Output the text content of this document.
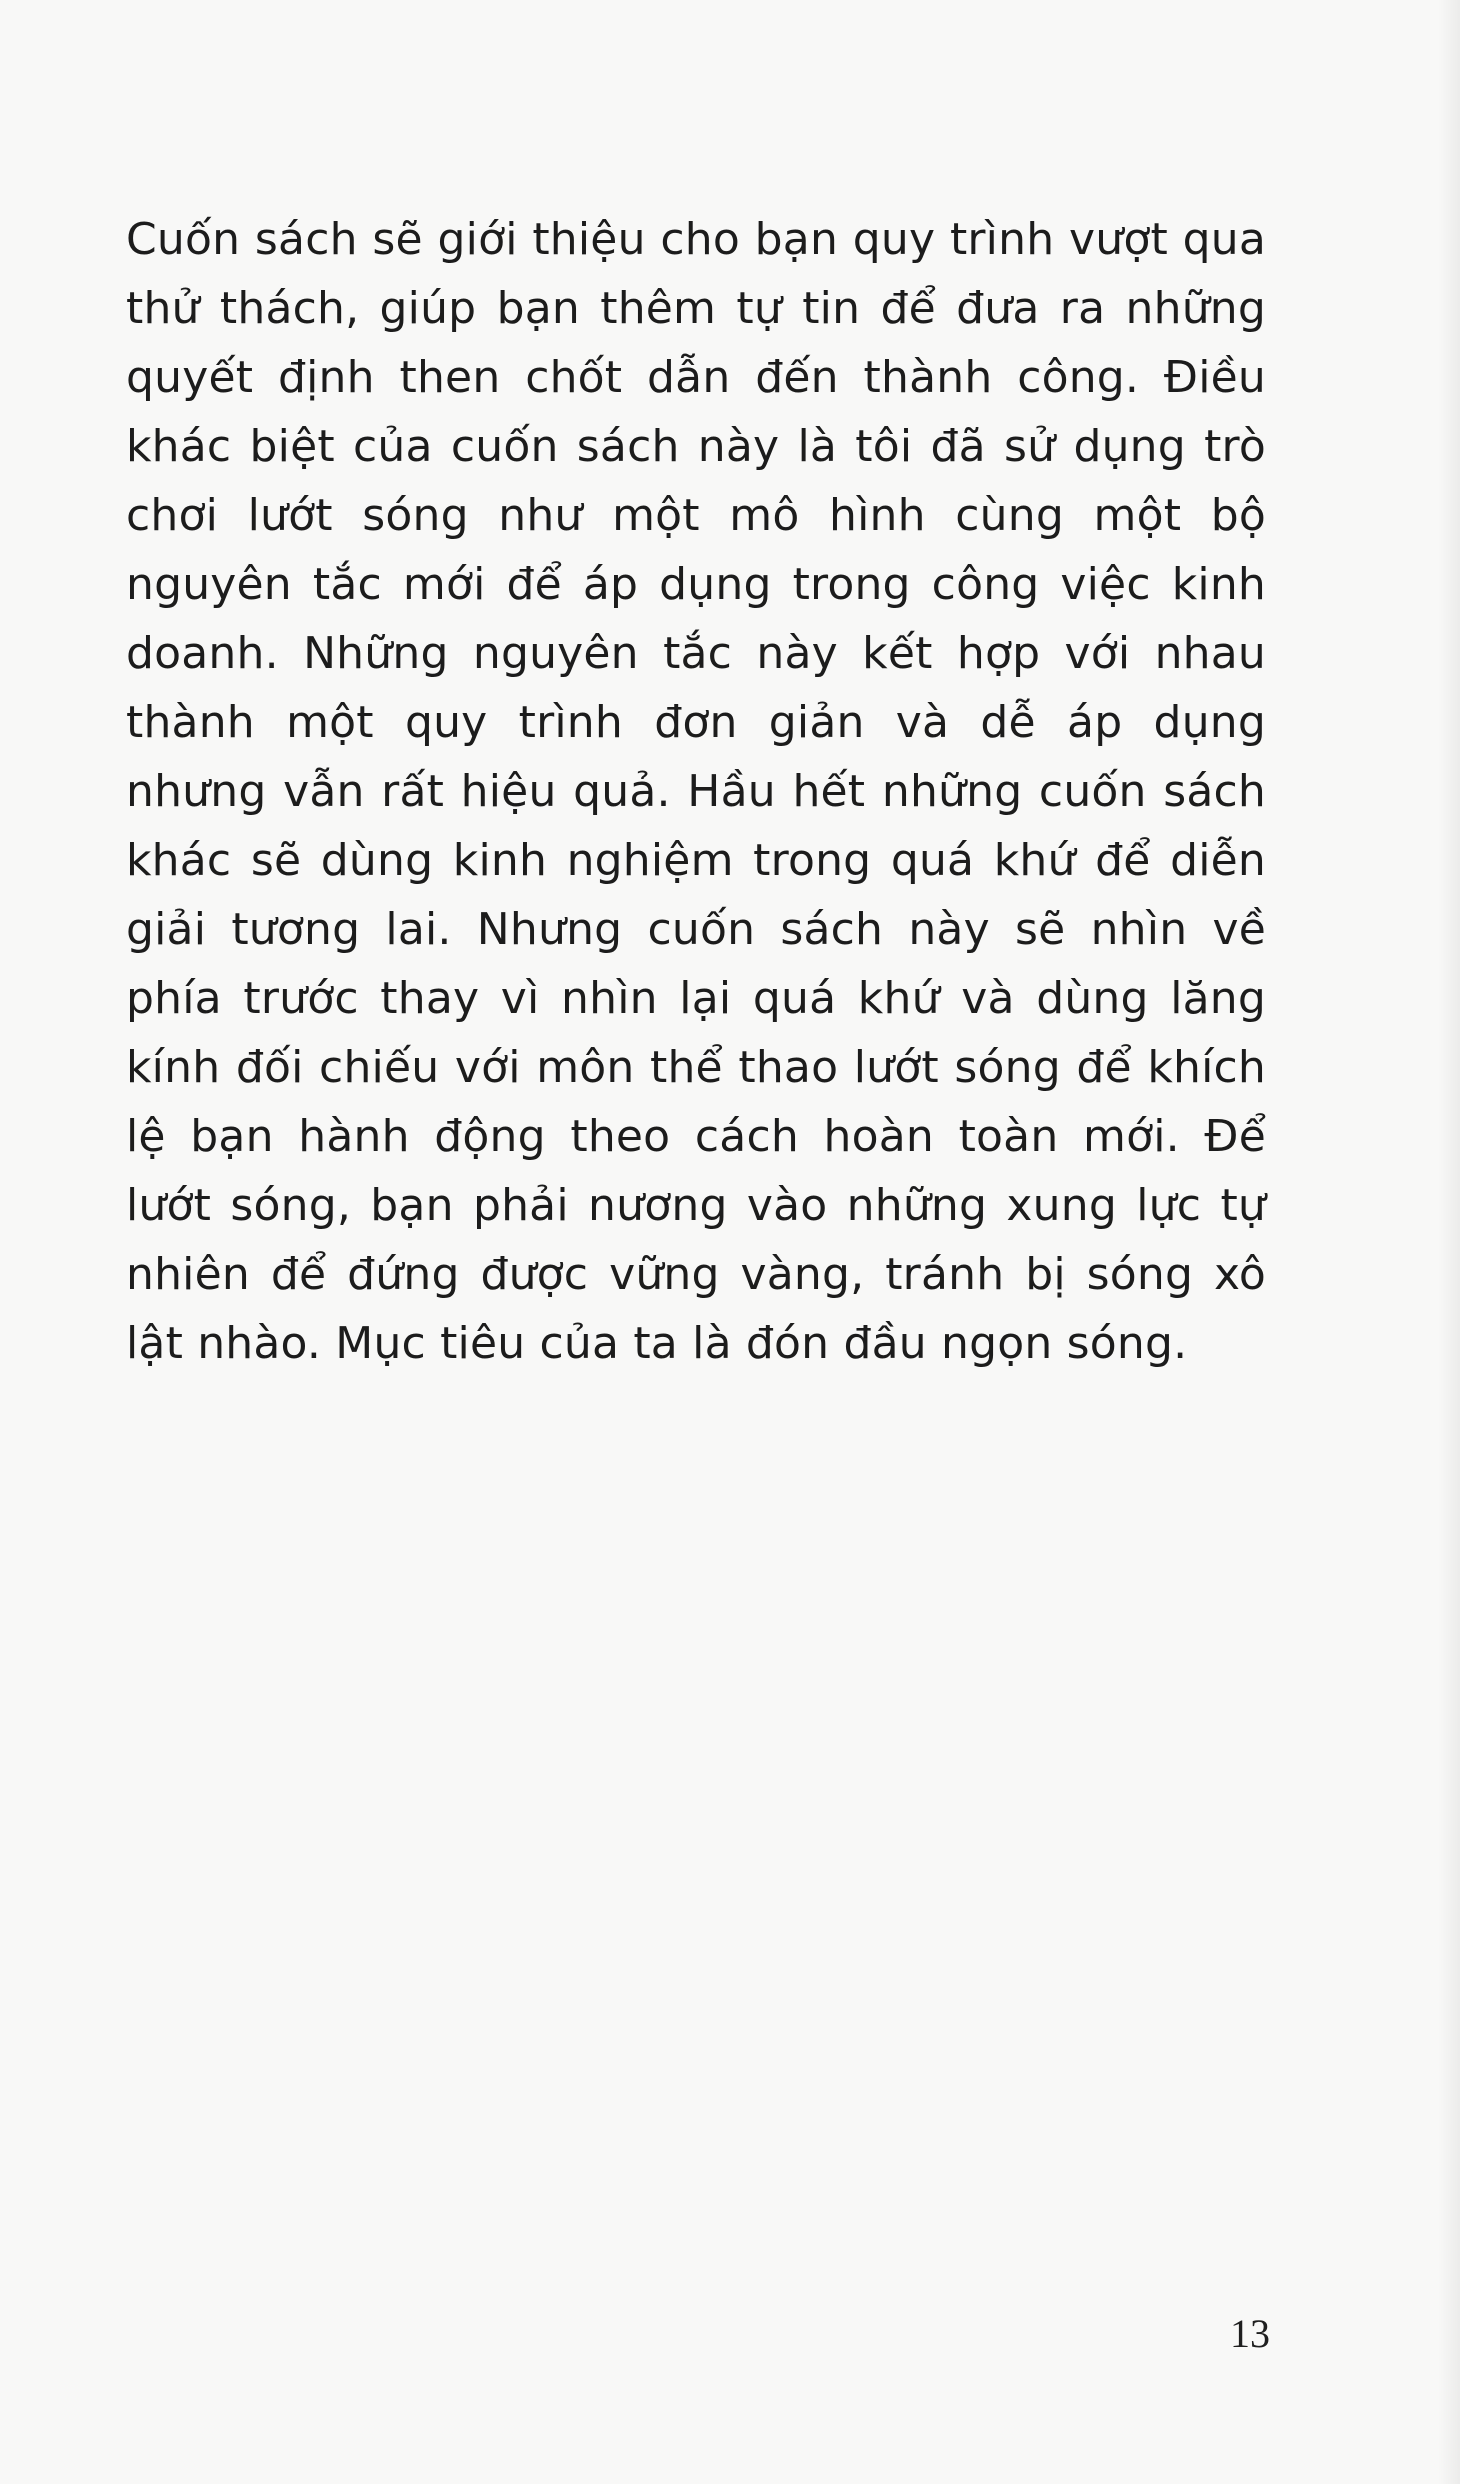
Cuốn sách sẽ giới thiệu cho bạn quy trình vượt qua thử thách, giúp bạn thêm tự tin để đưa ra những quyết định then chốt dẫn đến thành công. Điều khác biệt của cuốn sách này là tôi đã sử dụng trò chơi lướt sóng như một mô hình cùng một bộ nguyên tắc mới để áp dụng trong công việc kinh doanh. Những nguyên tắc này kết hợp với nhau thành một quy trình đơn giản và dễ áp dụng nhưng vẫn rất hiệu quả. Hầu hết những cuốn sách khác sẽ dùng kinh nghiệm trong quá khứ để diễn giải tương lai. Nhưng cuốn sách này sẽ nhìn về phía trước thay vì nhìn lại quá khứ và dùng lăng kính đối chiếu với môn thể thao lướt sóng để khích lệ bạn hành động theo cách hoàn toàn mới. Để lướt sóng, bạn phải nương vào những xung lực tự nhiên để đứng được vững vàng, tránh bị sóng xô lật nhào. Mục tiêu của ta là đón đầu ngọn sóng.

13
